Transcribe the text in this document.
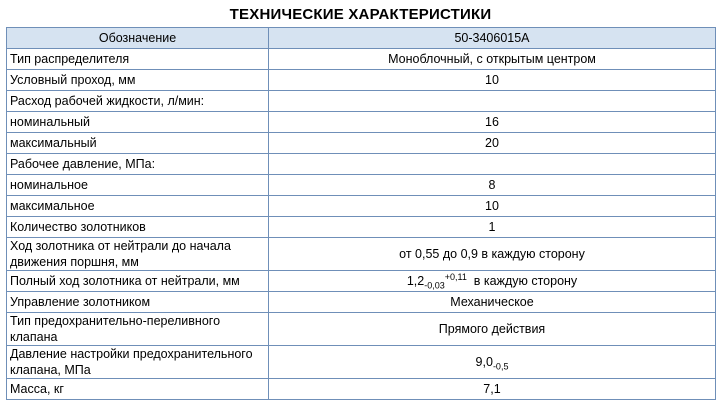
ТЕХНИЧЕСКИЕ ХАРАКТЕРИСТИКИ
Обозначение	50-3406015А
Тип распределителя	Моноблочный, с открытым центром
Условный проход, мм	10
Расход рабочей жидкости, л/мин:	
номинальный	16
максимальный	20
Рабочее давление, МПа:	
номинальное	8
максимальное	10
Количество золотников	1
Ход золотника от нейтрали до начала движения поршня, мм	от 0,55 до 0,9 в каждую сторону
Полный ход золотника от нейтрали, мм	$1,2_{-0,03}^{+0,11}$ в каждую сторону
Управление золотником	Механическое
Тип предохранительно-переливного клапана	Прямого действия
Давление настройки предохранительного клапана, МПа	$9,0_{-0,5}$
Масса, кг	7,1
